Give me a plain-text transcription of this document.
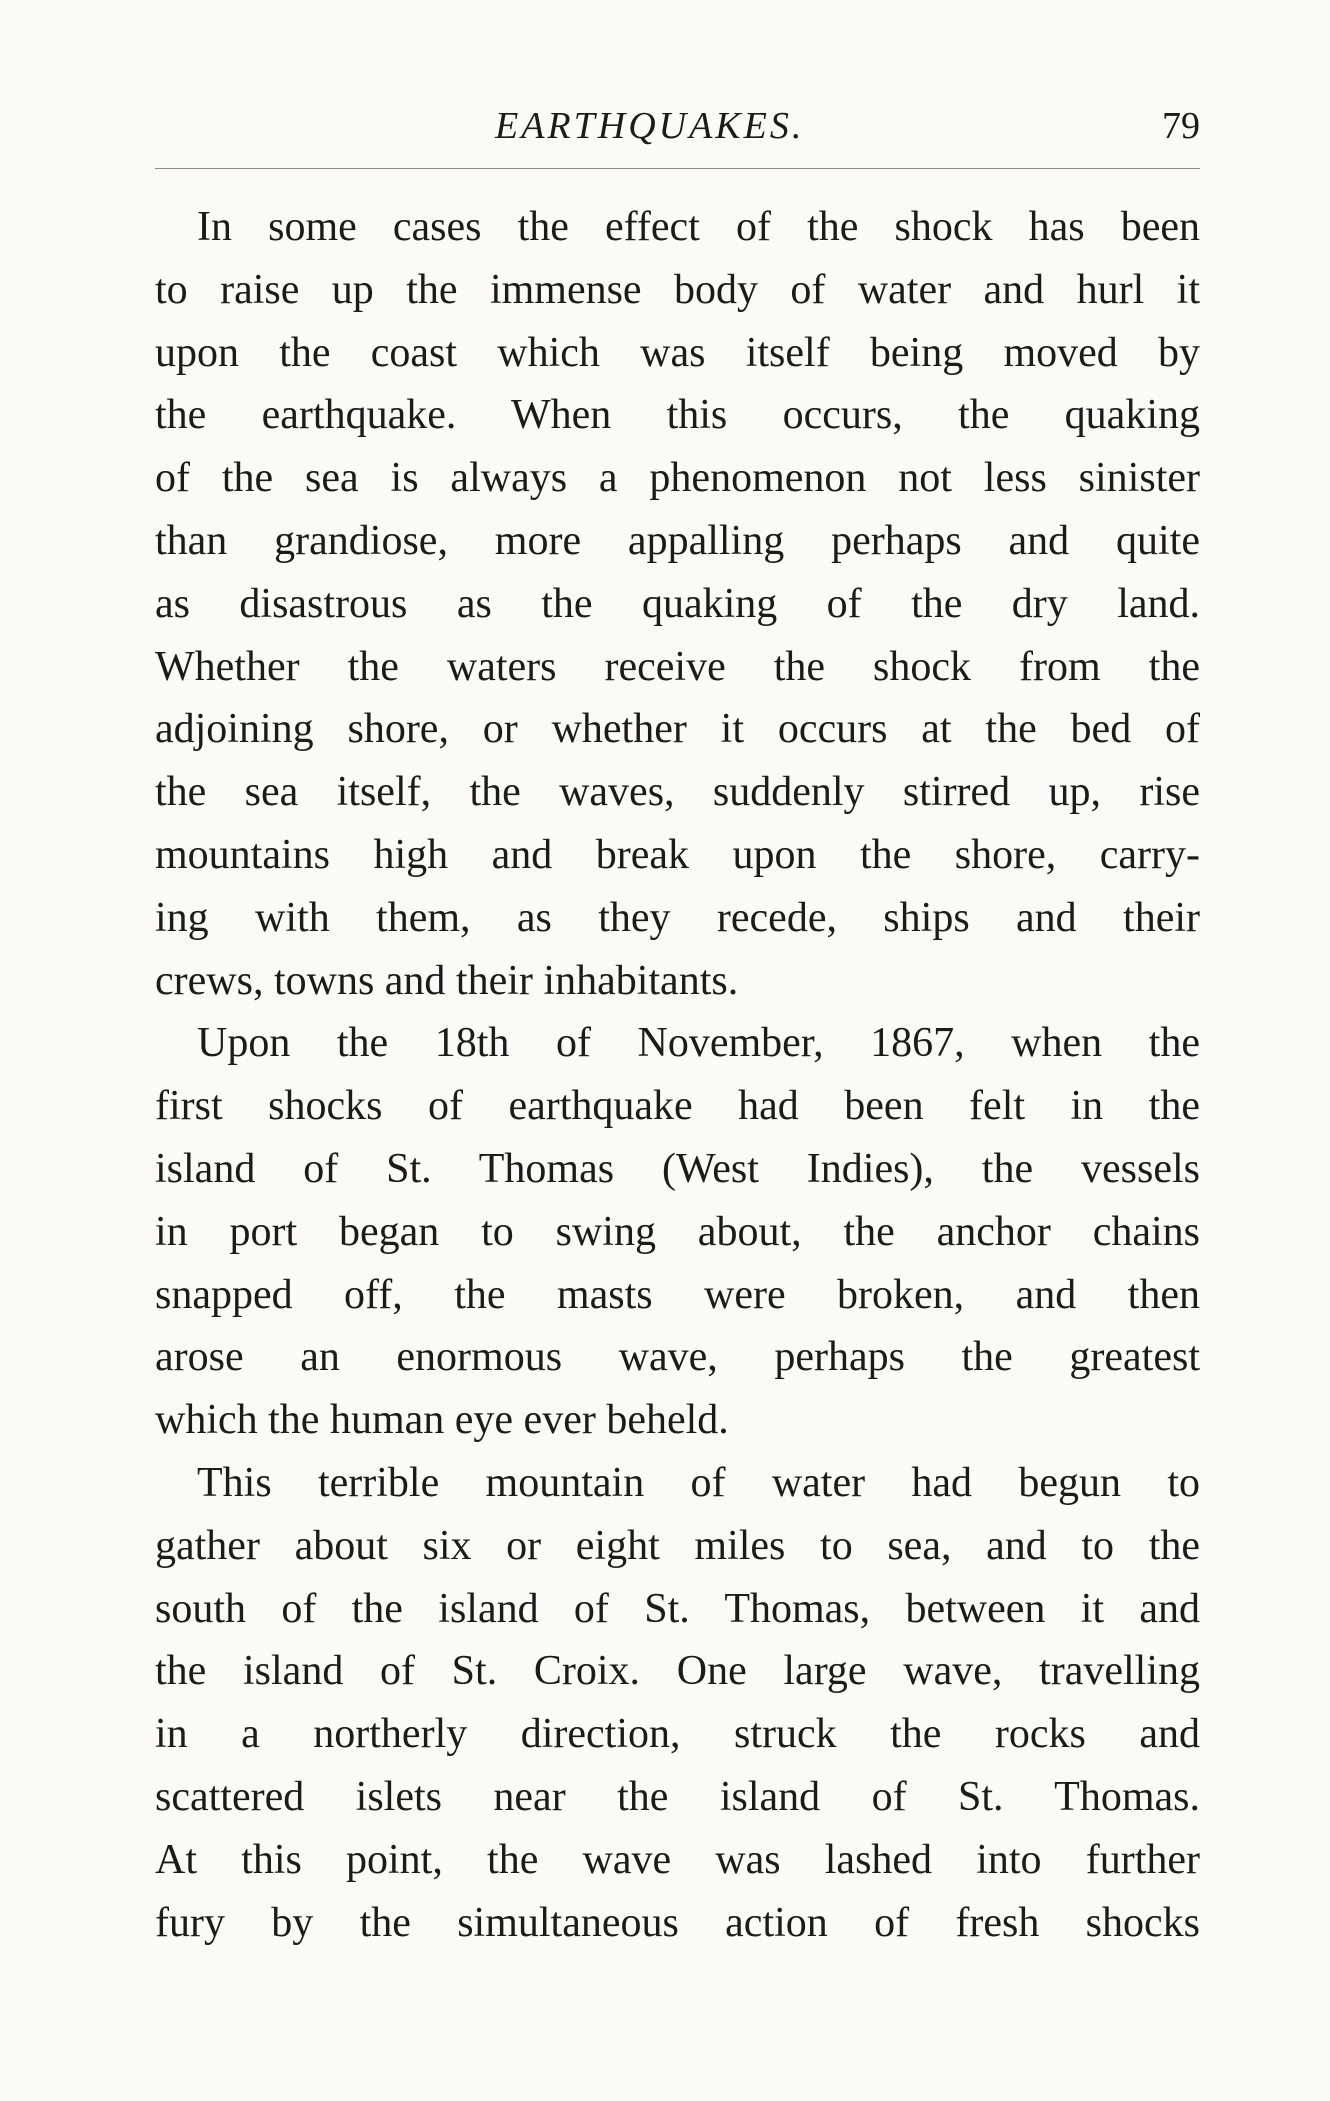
EARTHQUAKES.	79
In some cases the effect of the shock has been
to raise up the immense body of water and hurl it
upon the coast which was itself being moved by
the earthquake. When this occurs, the quaking
of the sea is always a phenomenon not less sinister
than grandiose, more appalling perhaps and quite
as disastrous as the quaking of the dry land.
Whether the waters receive the shock from the
adjoining shore, or whether it occurs at the bed of
the sea itself, the waves, suddenly stirred up, rise
mountains high and break upon the shore, carry-
ing with them, as they recede, ships and their
crews, towns and their inhabitants.
Upon the 18th of November, 1867, when the
first shocks of earthquake had been felt in the
island of St. Thomas (West Indies), the vessels
in port began to swing about, the anchor chains
snapped off, the masts were broken, and then
arose an enormous wave, perhaps the greatest
which the human eye ever beheld.
This terrible mountain of water had begun to
gather about six or eight miles to sea, and to the
south of the island of St. Thomas, between it and
the island of St. Croix. One large wave, travelling
in a northerly direction, struck the rocks and
scattered islets near the island of St. Thomas.
At this point, the wave was lashed into further
fury by the simultaneous action of fresh shocks
